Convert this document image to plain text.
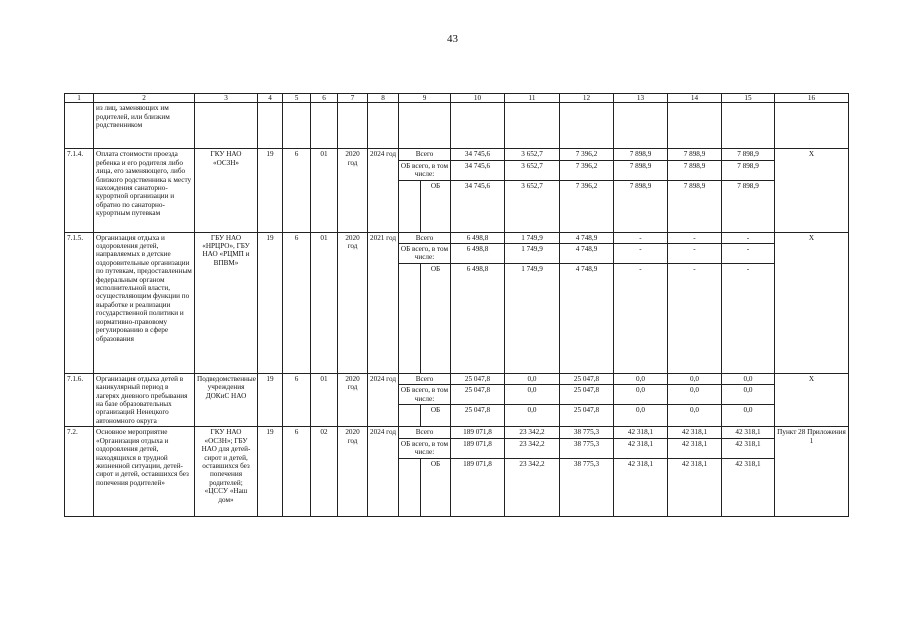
43
1	2	3	4	5	6	7	8	9		10	11	12	13	14	15	16
	из лиц, заменяющих им родителей, или близким родственником															
7.1.4.	Оплата стоимости проезда ребенка и его родителя либо лица, его заменяющего, либо близкого родственника к месту нахождения санаторно-курортной организации и обратно по санаторно-курортным путевкам	ГКУ НАО «ОСЗН»	19	6	01	2020 год	2024 год	Всего		34 745,6	3 652,7	7 396,2	7 898,9	7 898,9	7 898,9	Х
								ОБ всего, в том числе:		34 745,6	3 652,7	7 396,2	7 898,9	7 898,9	7 898,9	
									ОБ	34 745,6	3 652,7	7 396,2	7 898,9	7 898,9	7 898,9	
7.1.5.	Организация отдыха и оздоровления детей, направляемых в детские оздоровительные организации по путевкам, предоставленным федеральным органом исполнительной власти, осуществляющим функции по выработке и реализации государственной политики и нормативно-правовому регулированию в сфере образования	ГБУ НАО «НРЦРО», ГБУ НАО «РЦМП и ВПВМ»	19	6	01	2020 год	2021 год	Всего		6 498,8	1 749,9	4 748,9	-	-	-	Х
								ОБ всего, в том числе:		6 498,8	1 749,9	4 748,9	-	-	-	
									ОБ	6 498,8	1 749,9	4 748,9	-	-	-	
7.1.6.	Организация отдыха детей в каникулярный период в лагерях дневного пребывания на базе образовательных организаций Ненецкого автономного округа	Подведомственные учреждения ДОКиС НАО	19	6	01	2020 год	2024 год	Всего		25 047,8	0,0	25 047,8	0,0	0,0	0,0	Х
								ОБ всего, в том числе:		25 047,8	0,0	25 047,8	0,0	0,0	0,0	
									ОБ	25 047,8	0,0	25 047,8	0,0	0,0	0,0	
7.2.	Основное мероприятие «Организация отдыха и оздоровления детей, находящихся в трудной жизненной ситуации, детей-сирот и детей, оставшихся без попечения родителей»	ГКУ НАО «ОСЗН»; ГБУ НАО для детей-сирот и детей, оставшихся без попечения родителей; «ЦССУ «Наш дом»	19	6	02	2020 год	2024 год	Всего		189 071,8	23 342,2	38 775,3	42 318,1	42 318,1	42 318,1	Пункт 28 Приложения 1
								ОБ всего, в том числе:		189 071,8	23 342,2	38 775,3	42 318,1	42 318,1	42 318,1	
									ОБ	189 071,8	23 342,2	38 775,3	42 318,1	42 318,1	42 318,1	
